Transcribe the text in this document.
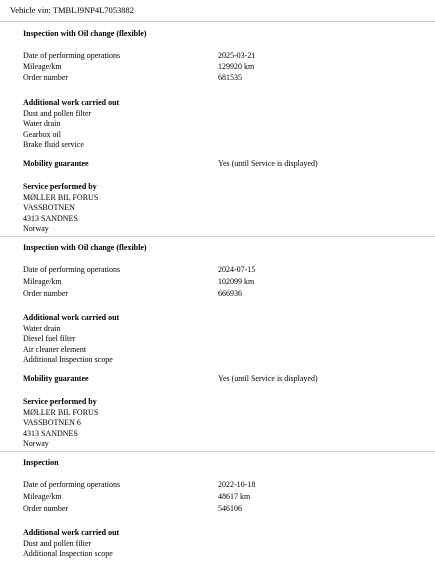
Vehicle vin: TMBLJ9NP4L7053882
Inspection with Oil change (flexible)
Date of performing operations	2025-03-21
Mileage/km	129920 km
Order number	681535
Additional work carried out
Dust and pollen filter
Water drain
Gearbox oil
Brake fluid service
Mobility guarantee	Yes (until Service is displayed)
Service performed by
MØLLER BIL FORUS
VASSBOTNEN
4313 SANDNES
Norway
Inspection with Oil change (flexible)
Date of performing operations	2024-07-15
Mileage/km	102099 km
Order number	666936
Additional work carried out
Water drain
Diesel fuel filter
Air cleaner element
Additional Inspection scope
Mobility guarantee	Yes (until Service is displayed)
Service performed by
MØLLER BIL FORUS
VASSBOTNEN 6
4313 SANDNES
Norway
Inspection
Date of performing operations	2022-10-18
Mileage/km	48617 km
Order number	546106
Additional work carried out
Dust and pollen filter
Additional Inspection scope
